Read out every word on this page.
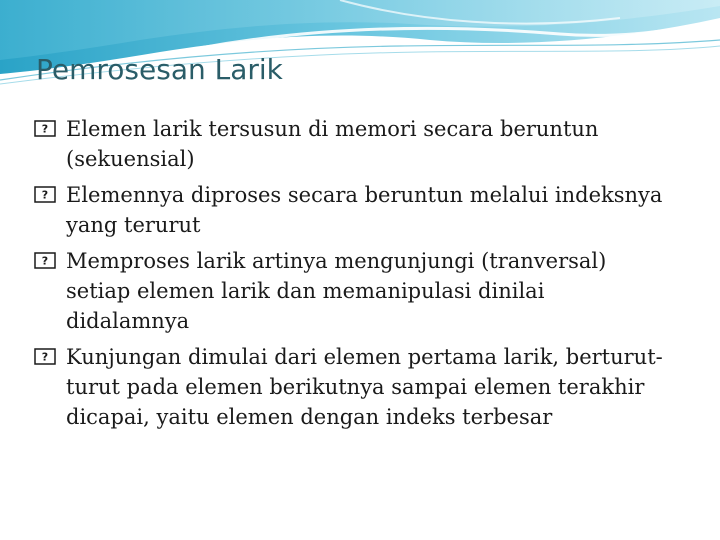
Pemrosesan Larik
? Elemen larik tersusun di memori secara beruntun (sekuensial)
? Elemennya diproses secara beruntun melalui indeksnya yang terurut
? Memproses larik artinya mengunjungi (tranversal) setiap elemen larik dan memanipulasi dinilai didalamnya
? Kunjungan dimulai dari elemen pertama larik, berturut-turut pada elemen berikutnya sampai elemen terakhir dicapai, yaitu elemen dengan indeks terbesar
